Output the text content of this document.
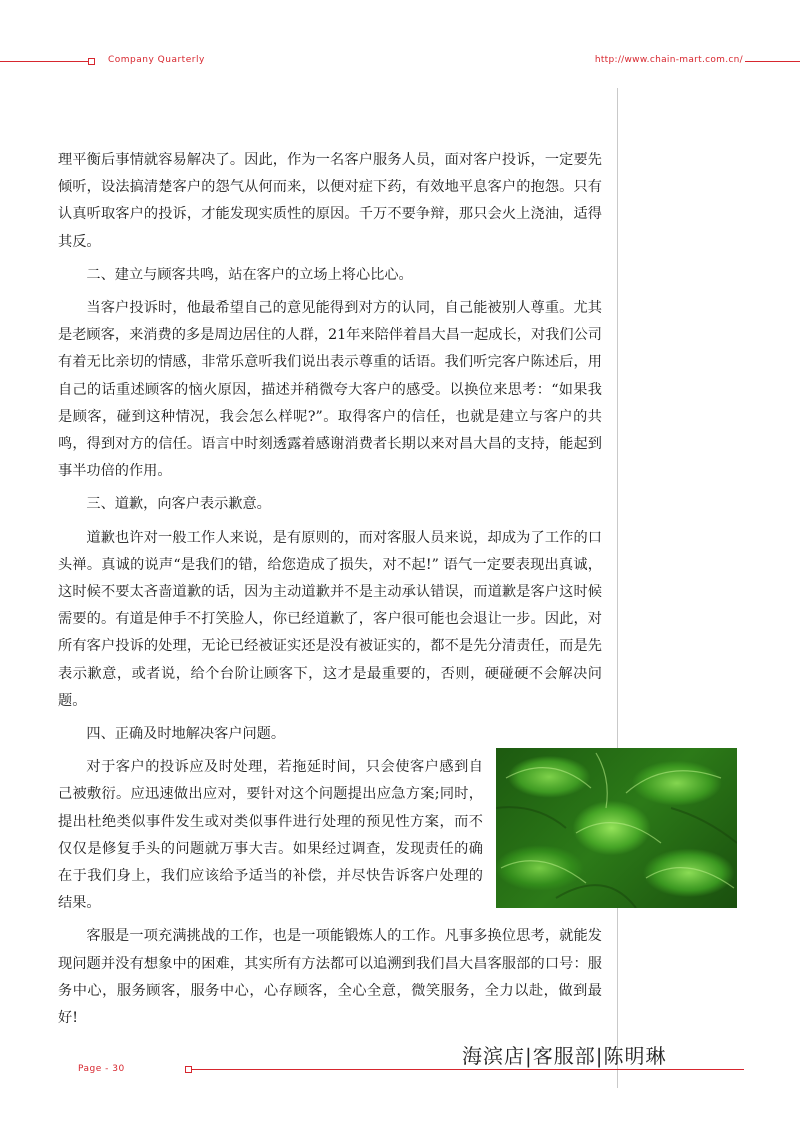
Company Quarterly	http://www.chain-mart.com.cn/

理平衡后事情就容易解决了。因此，作为一名客户服务人员，面对客户投诉，一定要先倾听，设法搞清楚客户的怨气从何而来，以便对症下药，有效地平息客户的抱怨。只有认真听取客户的投诉，才能发现实质性的原因。千万不要争辩，那只会火上浇油，适得其反。

二、建立与顾客共鸣，站在客户的立场上将心比心。

当客户投诉时，他最希望自己的意见能得到对方的认同，自己能被别人尊重。尤其是老顾客，来消费的多是周边居住的人群，21年来陪伴着昌大昌一起成长，对我们公司有着无比亲切的情感，非常乐意听我们说出表示尊重的话语。我们听完客户陈述后，用自己的话重述顾客的恼火原因，描述并稍微夸大客户的感受。以换位来思考：“如果我是顾客，碰到这种情况，我会怎么样呢?”。取得客户的信任，也就是建立与客户的共鸣，得到对方的信任。语言中时刻透露着感谢消费者长期以来对昌大昌的支持，能起到事半功倍的作用。

三、道歉，向客户表示歉意。

道歉也许对一般工作人来说，是有原则的，而对客服人员来说，却成为了工作的口头禅。真诚的说声“是我们的错，给您造成了损失，对不起!” 语气一定要表现出真诚，这时候不要太吝啬道歉的话，因为主动道歉并不是主动承认错误，而道歉是客户这时候需要的。有道是伸手不打笑脸人，你已经道歉了，客户很可能也会退让一步。因此，对所有客户投诉的处理，无论已经被证实还是没有被证实的，都不是先分清责任，而是先表示歉意，或者说，给个台阶让顾客下，这才是最重要的，否则，硬碰硬不会解决问题。

四、正确及时地解决客户问题。

对于客户的投诉应及时处理，若拖延时间，只会使客户感到自己被敷衍。应迅速做出应对，要针对这个问题提出应急方案;同时，提出杜绝类似事件发生或对类似事件进行处理的预见性方案，而不仅仅是修复手头的问题就万事大吉。如果经过调查，发现责任的确在于我们身上，我们应该给予适当的补偿，并尽快告诉客户处理的结果。

客服是一项充满挑战的工作，也是一项能锻炼人的工作。凡事多换位思考，就能发现问题并没有想象中的困难，其实所有方法都可以追溯到我们昌大昌客服部的口号：服务中心，服务顾客，服务中心，心存顾客，全心全意，微笑服务，全力以赴，做到最好!

海滨店|客服部|陈明琳
Page - 30
